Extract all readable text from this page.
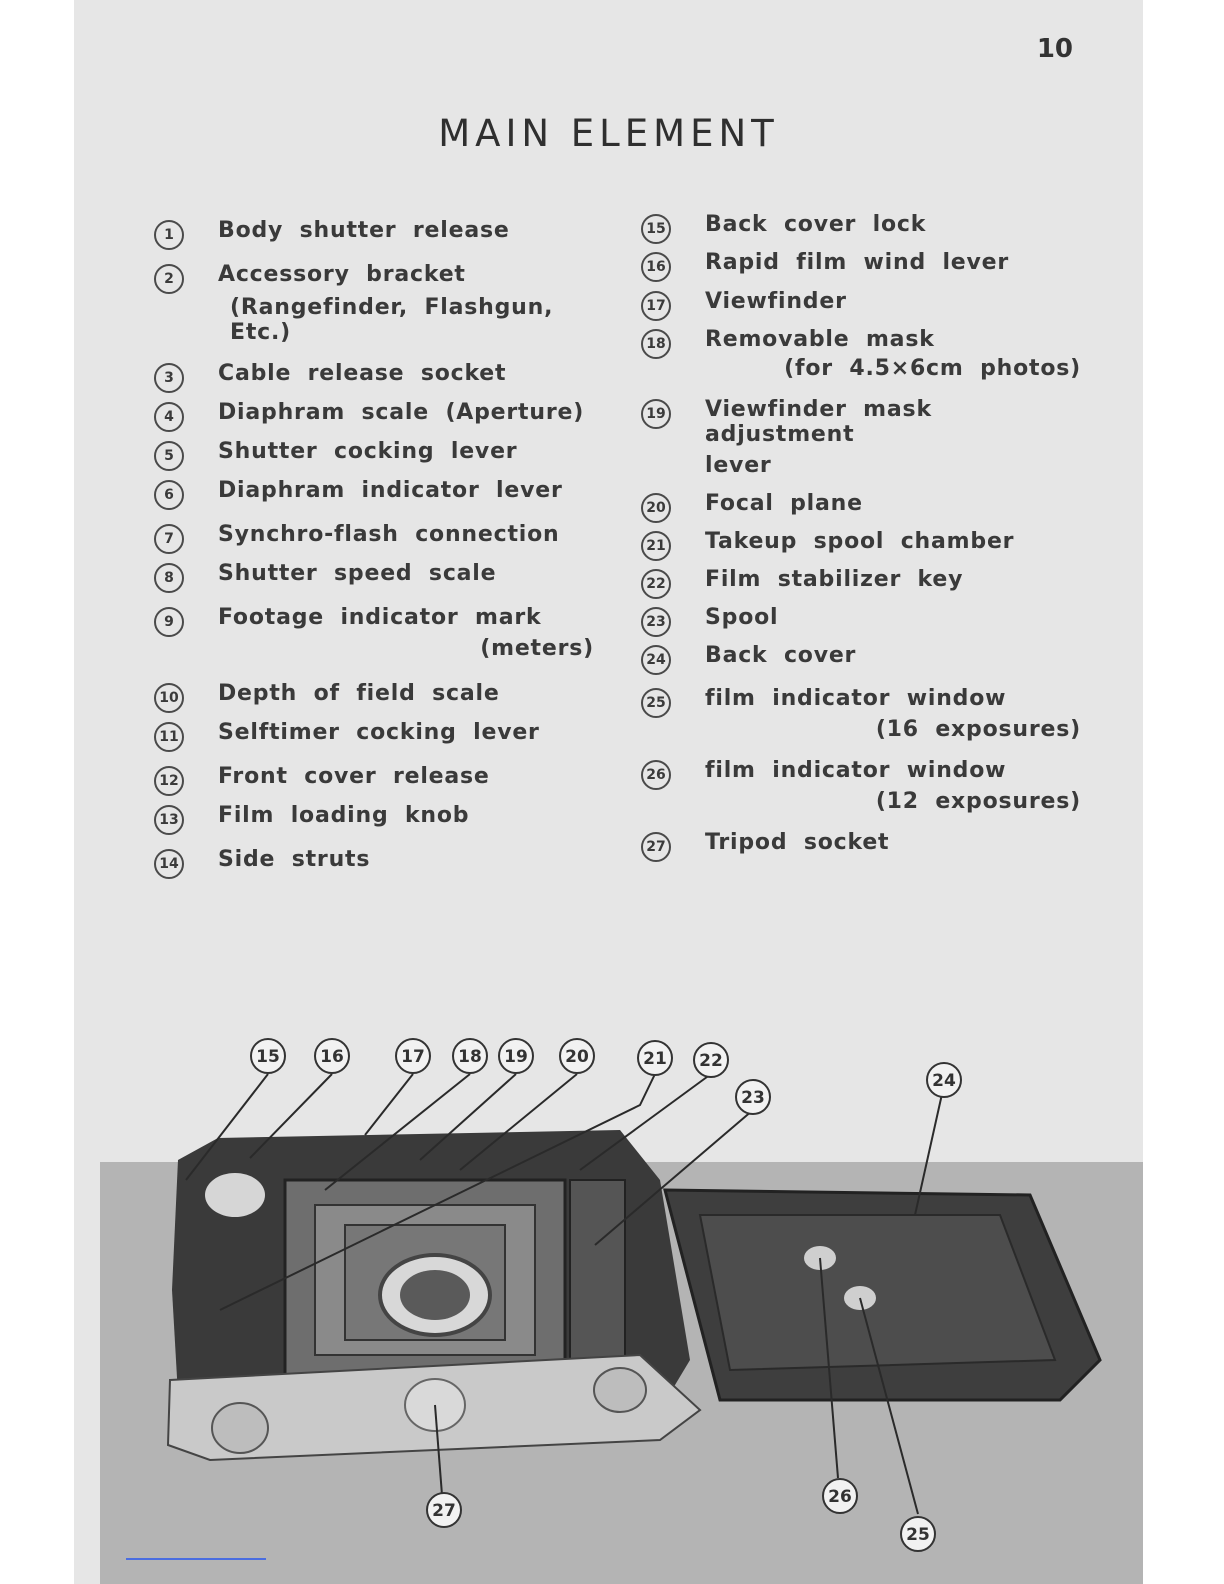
10
MAIN ELEMENT
1	Body shutter release
2	Accessory bracket
(Rangefinder, Flashgun, Etc.)
3	Cable release socket
4	Diaphram scale (Aperture)
5	Shutter cocking lever
6	Diaphram indicator lever
7	Synchro-flash connection
8	Shutter speed scale
9	Footage indicator mark
(meters)
10 Depth of field scale
11 Selftimer cocking lever
12 Front cover release
13 Film loading knob
14 Side struts
15 Back cover lock
16 Rapid film wind lever
17 Viewfinder
18 Removable mask
(for 4.5×6cm photos)
19 Viewfinder mask adjustment
lever
20 Focal plane
21 Takeup spool chamber
22 Film stabilizer key
23 Spool
24 Back cover
25 film indicator window
(16 exposures)
26 film indicator window
(12 exposures)
27 Tripod socket
15 16	17 18 19 20	21 22
23
24
25
26
27
